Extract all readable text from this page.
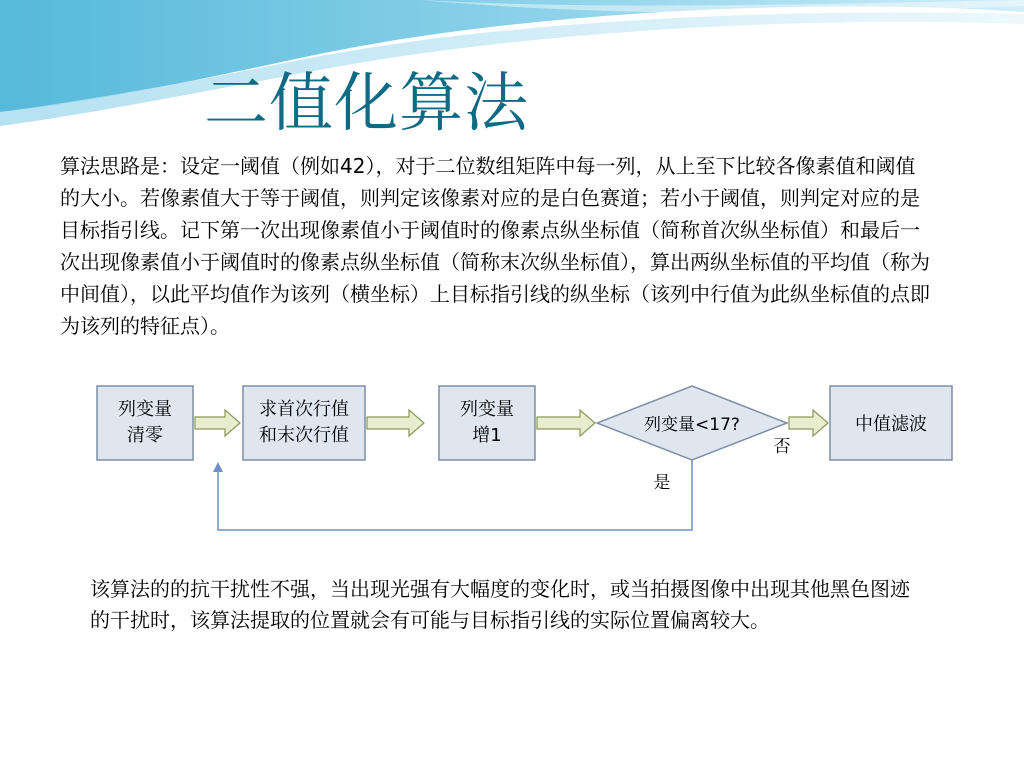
二值化算法

算法思路是：设定一阈值（例如42），对于二位数组矩阵中每一列，从上至下比较各像素值和阈值的大小。若像素值大于等于阈值，则判定该像素对应的是白色赛道；若小于阈值，则判定对应的是目标指引线。记下第一次出现像素值小于阈值时的像素点纵坐标值（简称首次纵坐标值）和最后一次出现像素值小于阈值时的像素点纵坐标值（简称末次纵坐标值），算出两纵坐标值的平均值（称为中间值），以此平均值作为该列（横坐标）上目标指引线的纵坐标（该列中行值为此纵坐标值的点即为该列的特征点）。

列变量
清零
求首次行值
和末次行值
列变量
增1	列变量<17?
否
中值滤波
是

该算法的的抗干扰性不强，当出现光强有大幅度的变化时，或当拍摄图像中出现其他黑色图迹的干扰时，该算法提取的位置就会有可能与目标指引线的实际位置偏离较大。
